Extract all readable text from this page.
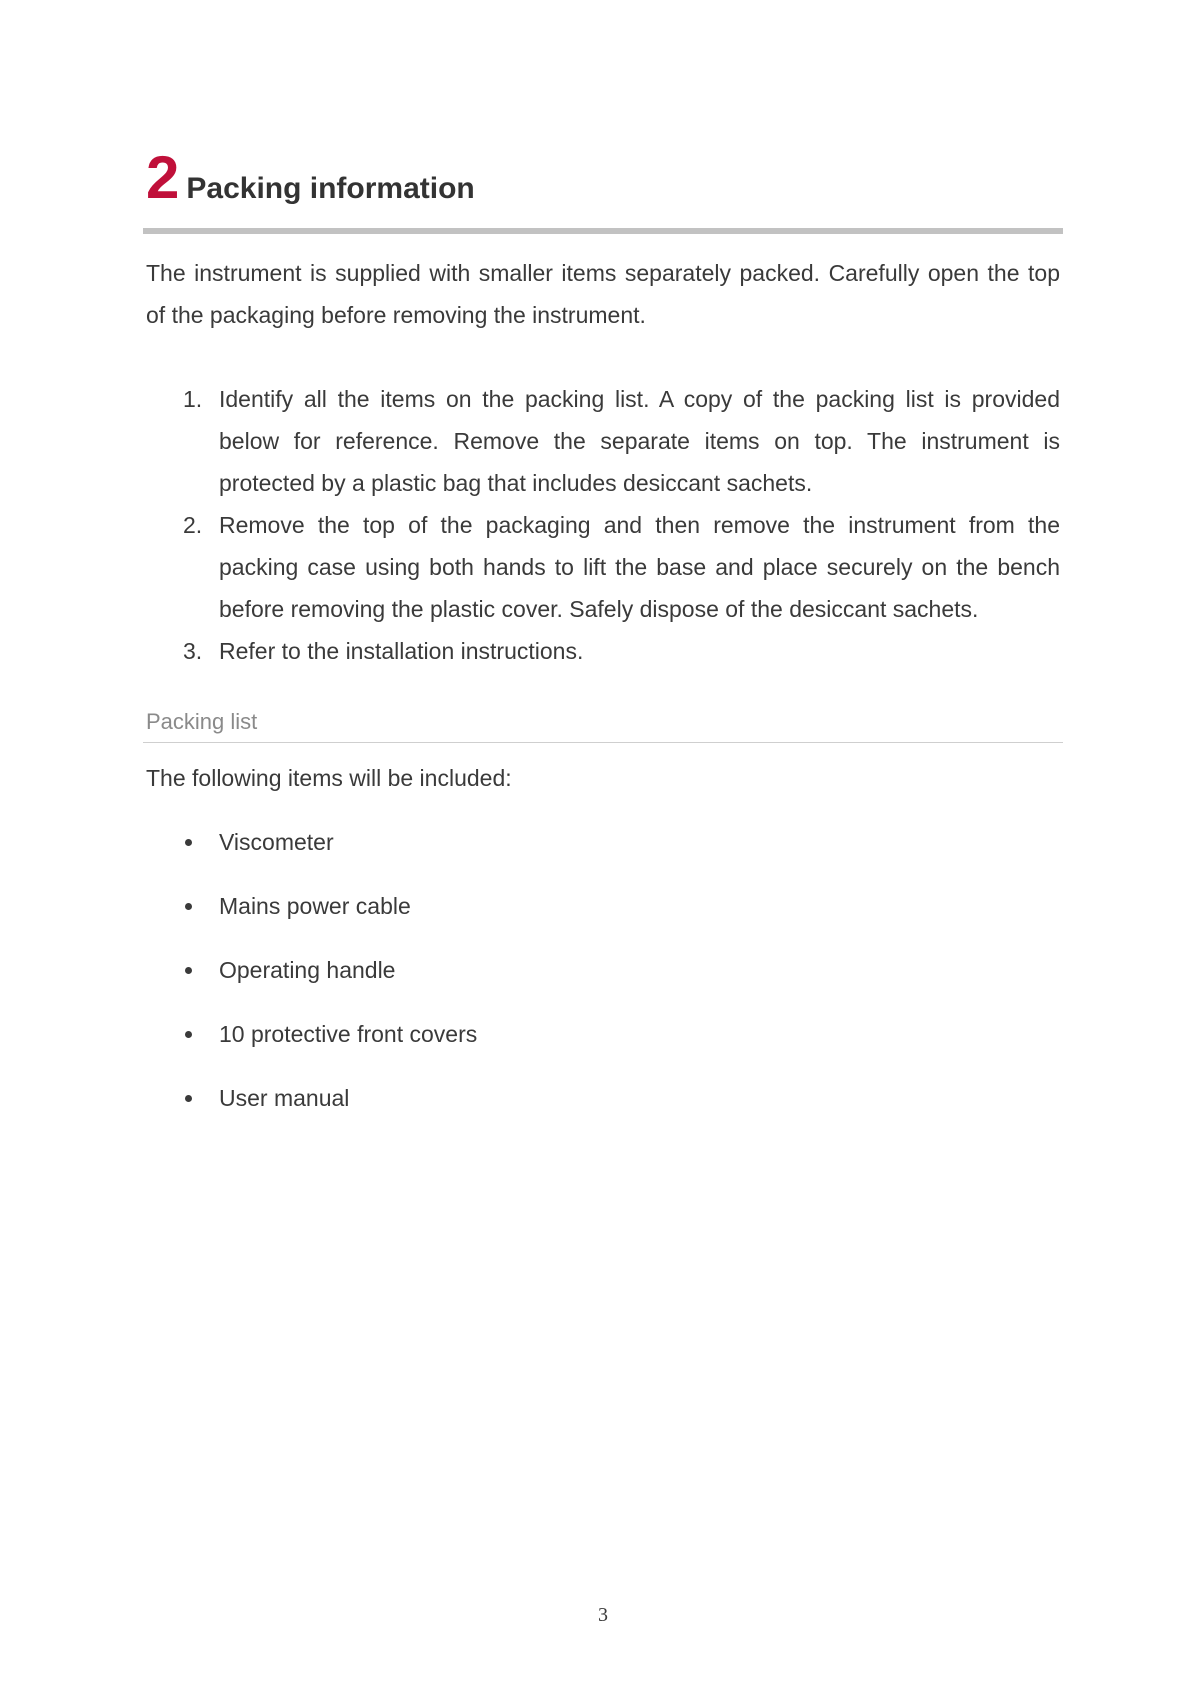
2 Packing information

The instrument is supplied with smaller items separately packed. Carefully open the top of the packaging before removing the instrument.

1. Identify all the items on the packing list. A copy of the packing list is provided below for reference. Remove the separate items on top. The instrument is protected by a plastic bag that includes desiccant sachets.
2. Remove the top of the packaging and then remove the instrument from the packing case using both hands to lift the base and place securely on the bench before removing the plastic cover. Safely dispose of the desiccant sachets.
3. Refer to the installation instructions.
Packing list

The following items will be included:

Viscometer
Mains power cable
Operating handle
10 protective front covers
User manual
3
